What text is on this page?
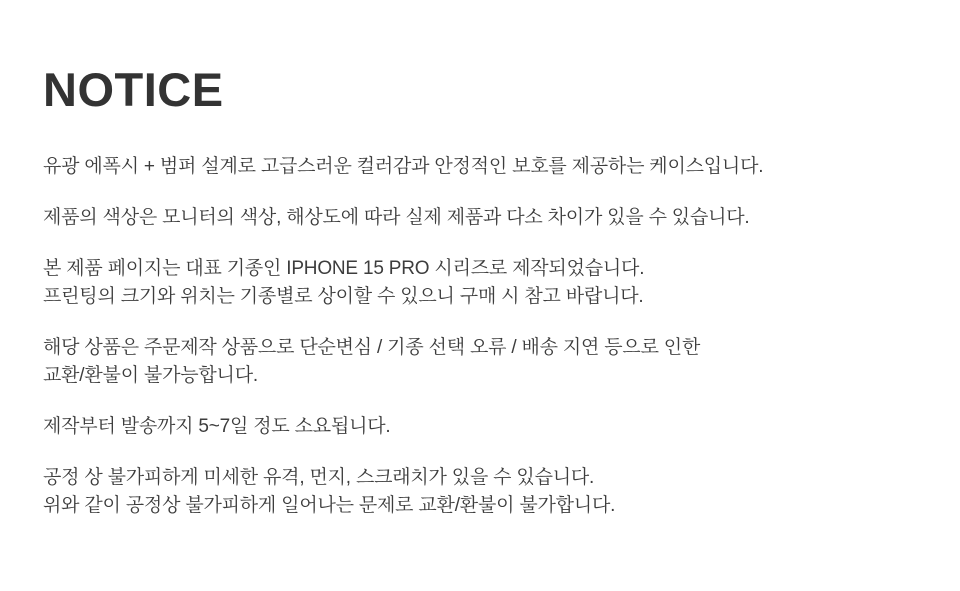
NOTICE

유광 에폭시 + 범퍼 설계로 고급스러운 컬러감과 안정적인 보호를 제공하는 케이스입니다.

제품의 색상은 모니터의 색상, 해상도에 따라 실제 제품과 다소 차이가 있을 수 있습니다.

본 제품 페이지는 대표 기종인 IPHONE 15 PRO 시리즈로 제작되었습니다.
프린팅의 크기와 위치는 기종별로 상이할 수 있으니 구매 시 참고 바랍니다.

해당 상품은 주문제작 상품으로 단순변심 / 기종 선택 오류 / 배송 지연 등으로 인한
교환/환불이 불가능합니다.

제작부터 발송까지 5~7일 정도 소요됩니다.

공정 상 불가피하게 미세한 유격, 먼지, 스크래치가 있을 수 있습니다.
위와 같이 공정상 불가피하게 일어나는 문제로 교환/환불이 불가합니다.
